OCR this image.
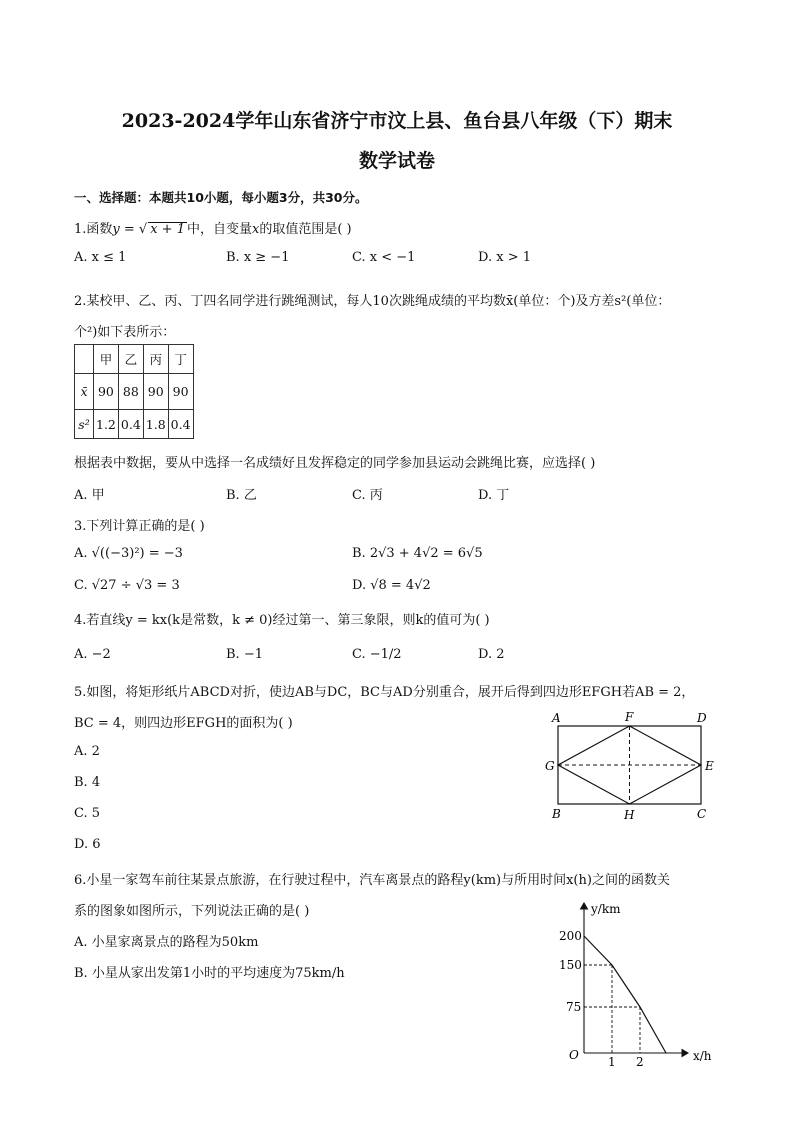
2023-2024学年山东省济宁市汶上县、鱼台县八年级（下）期末
数学试卷
一、选择题：本题共10小题，每小题3分，共30分。
1.函数y = √ x + 1 中，自变量x的取值范围是( )
A. x ≤ 1	B. x ≥ −1	C. x < −1	D. x > 1
2.某校甲、乙、丙、丁四名同学进行跳绳测试，每人10次跳绳成绩的平均数x̄(单位：个)及方差s²(单位：
个²)如下表所示：
	甲	乙	丙	丁
x̄	90	88	90	90
s²	1.2	0.4	1.8	0.4
根据表中数据，要从中选择一名成绩好且发挥稳定的同学参加县运动会跳绳比赛，应选择( )
A. 甲	B. 乙	C. 丙	D. 丁
3.下列计算正确的是( )
A. √((−3)²) = −3	B. 2√3 + 4√2 = 6√5
C. √27 ÷ √3 = 3	D. √8 = 4√2
4.若直线y = kx(k是常数，k ≠ 0)经过第一、第三象限，则k的值可为( )
A. −2	B. −1	C. −1/2	D. 2
5.如图，将矩形纸片ABCD对折，使边AB与DC，BC与AD分别重合，展开后得到四边形EFGH若AB = 2，
BC = 4，则四边形EFGH的面积为( )
A. 2
B. 4
C. 5
D. 6
A	F	D
G	E
B	H	C
6.小星一家驾车前往某景点旅游，在行驶过程中，汽车离景点的路程y(km)与所用时间x(h)之间的函数关
系的图象如图所示，下列说法正确的是( )
A. 小星家离景点的路程为50km
B. 小星从家出发第1小时的平均速度为75km/h
y/km
x/h
O
200
150
75
1 2
